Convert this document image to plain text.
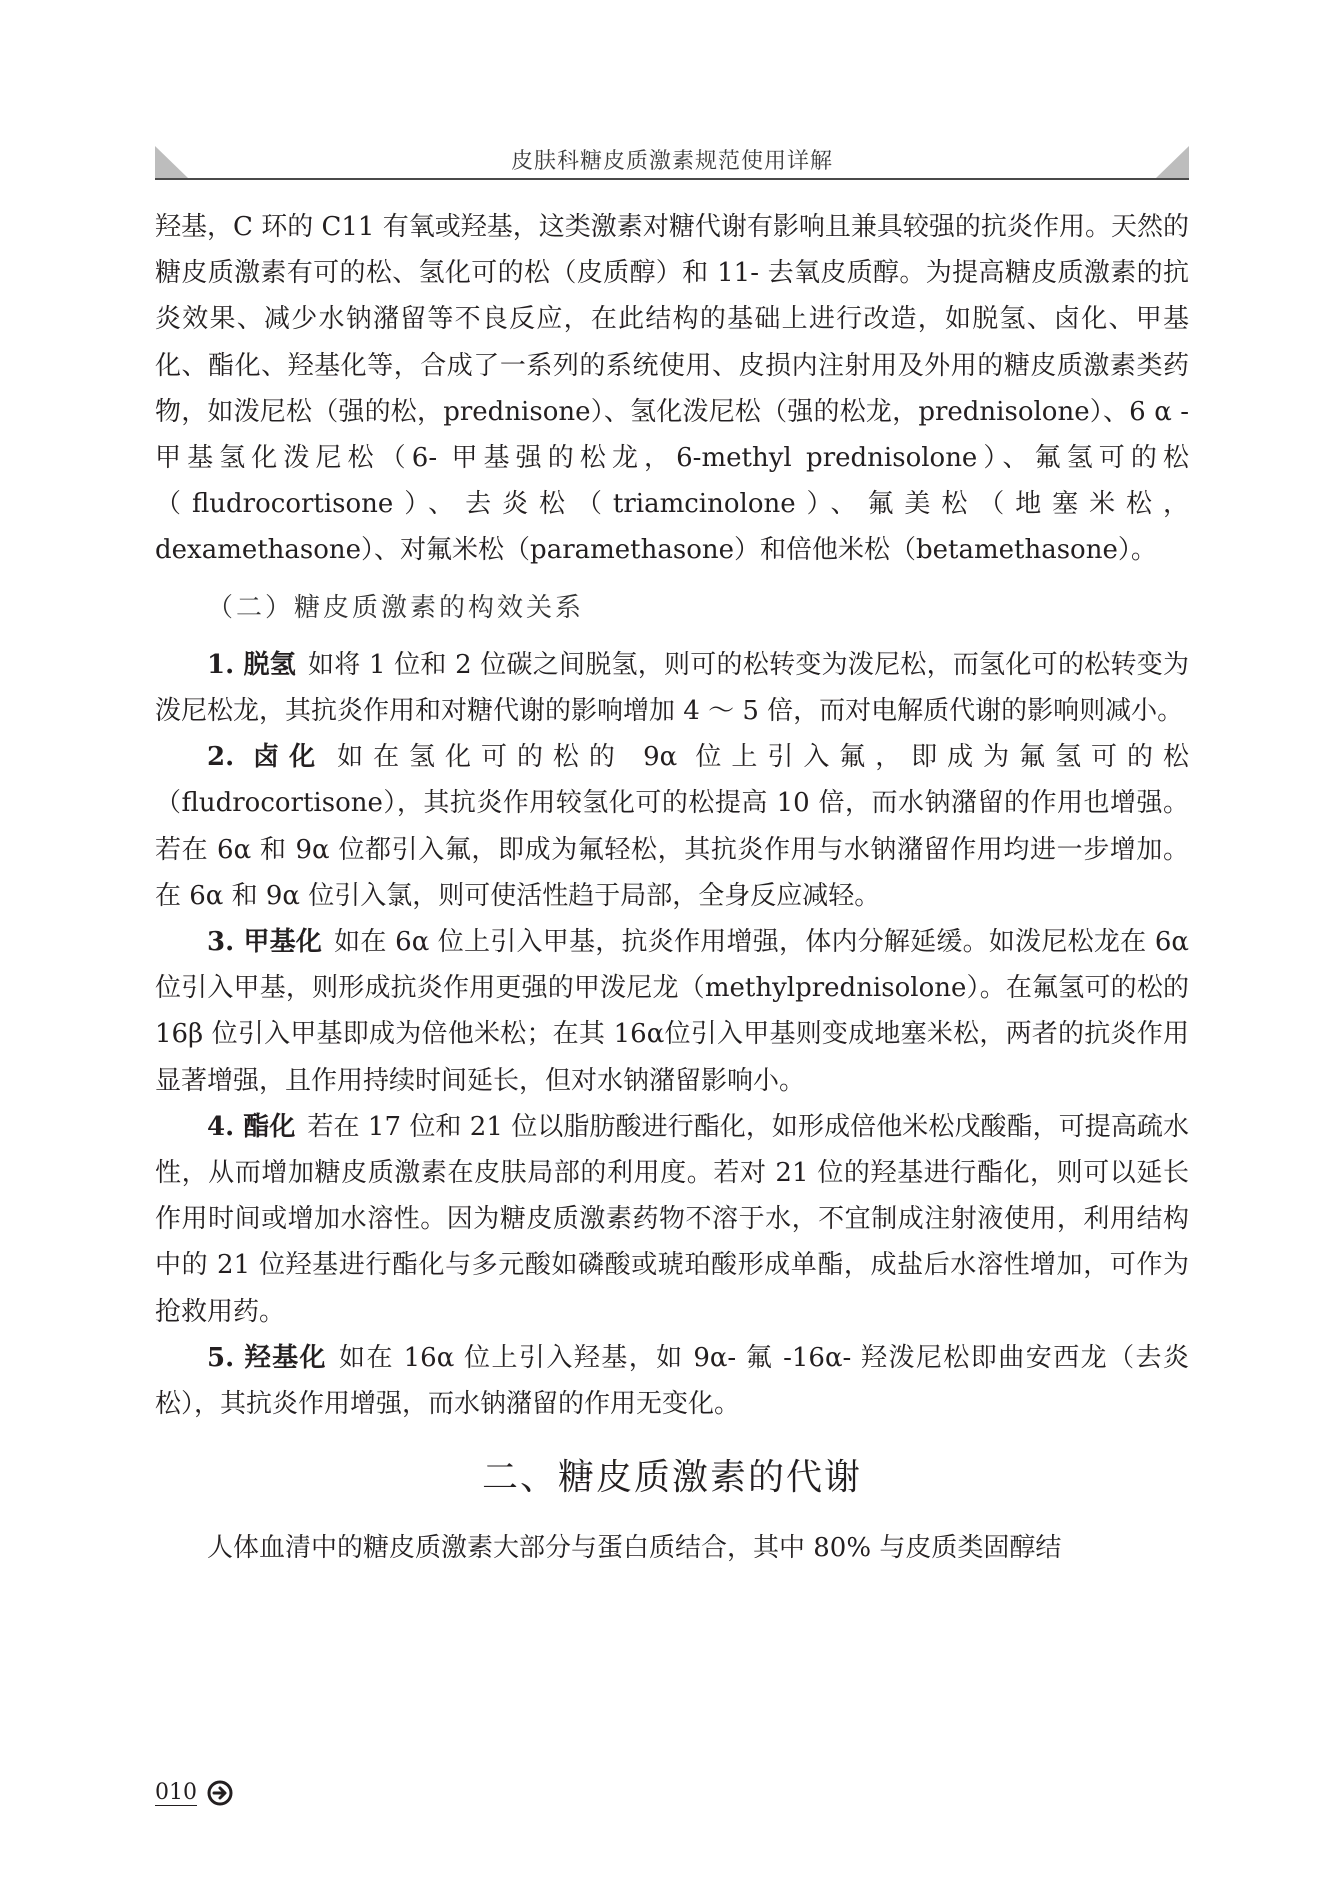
皮肤科糖皮质激素规范使用详解

羟基，C 环的 C11 有氧或羟基，这类激素对糖代谢有影响且兼具较强的抗炎作用。天然的糖皮质激素有可的松、氢化可的松（皮质醇）和 11- 去氧皮质醇。为提高糖皮质激素的抗炎效果、减少水钠潴留等不良反应，在此结构的基础上进行改造，如脱氢、卤化、甲基化、酯化、羟基化等，合成了一系列的系统使用、皮损内注射用及外用的糖皮质激素类药物，如泼尼松（强的松，prednisone）、氢化泼尼松（强的松龙，prednisolone）、6 α - 甲基氢化泼尼松（6- 甲基强的松龙，6-methyl prednisolone）、氟氢可的松（fludrocortisone）、去炎松（triamcinolone）、氟美松（地塞米松，dexamethasone）、对氟米松（paramethasone）和倍他米松（betamethasone）。

（二）糖皮质激素的构效关系

1. 脱氢 如将 1 位和 2 位碳之间脱氢，则可的松转变为泼尼松，而氢化可的松转变为泼尼松龙，其抗炎作用和对糖代谢的影响增加 4 ～ 5 倍，而对电解质代谢的影响则减小。

2. 卤化 如在氢化可的松的 9α 位上引入氟，即成为氟氢可的松（fludrocortisone），其抗炎作用较氢化可的松提高 10 倍，而水钠潴留的作用也增强。若在 6α 和 9α 位都引入氟，即成为氟轻松，其抗炎作用与水钠潴留作用均进一步增加。在 6α 和 9α 位引入氯，则可使活性趋于局部，全身反应减轻。

3. 甲基化 如在 6α 位上引入甲基，抗炎作用增强，体内分解延缓。如泼尼松龙在 6α 位引入甲基，则形成抗炎作用更强的甲泼尼龙（methylprednisolone）。在氟氢可的松的 16β 位引入甲基即成为倍他米松；在其 16α位引入甲基则变成地塞米松，两者的抗炎作用显著增强，且作用持续时间延长，但对水钠潴留影响小。

4. 酯化 若在 17 位和 21 位以脂肪酸进行酯化，如形成倍他米松戊酸酯，可提高疏水性，从而增加糖皮质激素在皮肤局部的利用度。若对 21 位的羟基进行酯化，则可以延长作用时间或增加水溶性。因为糖皮质激素药物不溶于水，不宜制成注射液使用，利用结构中的 21 位羟基进行酯化与多元酸如磷酸或琥珀酸形成单酯，成盐后水溶性增加，可作为抢救用药。

5. 羟基化 如在 16α 位上引入羟基，如 9α- 氟 -16α- 羟泼尼松即曲安西龙（去炎松），其抗炎作用增强，而水钠潴留的作用无变化。

二、糖皮质激素的代谢

人体血清中的糖皮质激素大部分与蛋白质结合，其中 80% 与皮质类固醇结

010
